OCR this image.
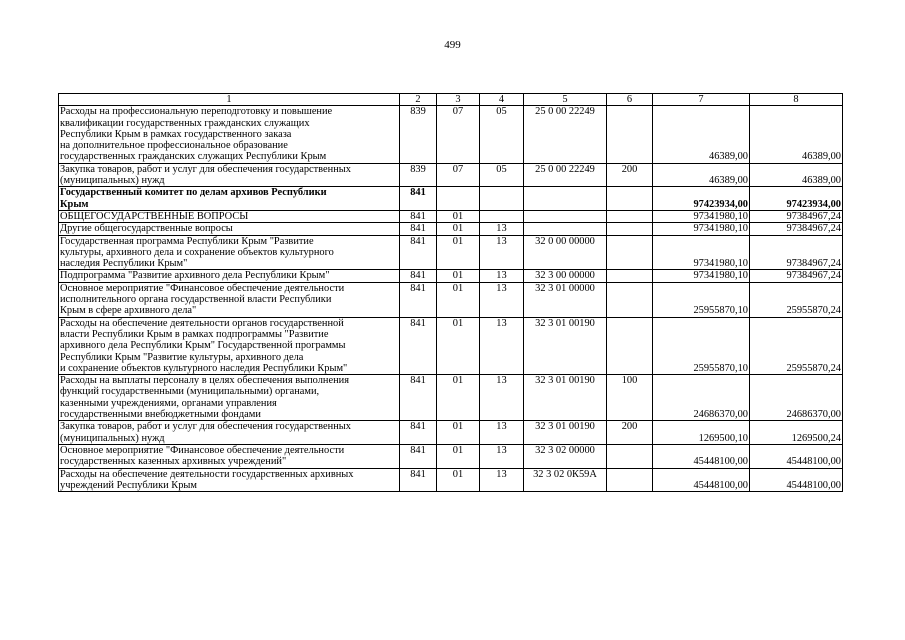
499
1	2	3	4	5	6	7	8

Расходы на профессиональную переподготовку и повышение
квалификации государственных гражданских служащих
Республики Крым в рамках государственного заказа
на дополнительное профессиональное образование
государственных гражданских служащих Республики Крым	839	07	05	25 0 00 22249		46389,00	46389,00

Закупка товаров, работ и услуг для обеспечения государственных
(муниципальных) нужд	839	07	05	25 0 00 22249	200	46389,00	46389,00

Государственный комитет по делам архивов Республики
Крым	841					97423934,00	97423934,00

ОБЩЕГОСУДАРСТВЕННЫЕ ВОПРОСЫ	841	01				97341980,10	97384967,24

Другие общегосударственные вопросы	841	01	13			97341980,10	97384967,24

Государственная программа Республики Крым "Развитие
культуры, архивного дела и сохранение объектов культурного
наследия Республики Крым"	841	01	13	32 0 00 00000		97341980,10	97384967,24

Подпрограмма "Развитие архивного дела Республики Крым"	841	01	13	32 3 00 00000		97341980,10	97384967,24

Основное мероприятие "Финансовое обеспечение деятельности
исполнительного органа государственной власти Республики
Крым в сфере архивного дела"	841	01	13	32 3 01 00000		25955870,10	25955870,24

Расходы на обеспечение деятельности органов государственной
власти Республики Крым в рамках подпрограммы "Развитие
архивного дела Республики Крым" Государственной программы
Республики Крым "Развитие культуры, архивного дела
и сохранение объектов культурного наследия Республики Крым"	841	01	13	32 3 01 00190		25955870,10	25955870,24

Расходы на выплаты персоналу в целях обеспечения выполнения
функций государственными (муниципальными) органами,
казенными учреждениями, органами управления
государственными внебюджетными фондами	841	01	13	32 3 01 00190	100	24686370,00	24686370,00

Закупка товаров, работ и услуг для обеспечения государственных
(муниципальных) нужд	841	01	13	32 3 01 00190	200	1269500,10	1269500,24

Основное мероприятие "Финансовое обеспечение деятельности
государственных казенных архивных учреждений"	841	01	13	32 3 02 00000		45448100,00	45448100,00

Расходы на обеспечение деятельности государственных архивных
учреждений Республики Крым	841	01	13	32 3 02 0К59А		45448100,00	45448100,00
